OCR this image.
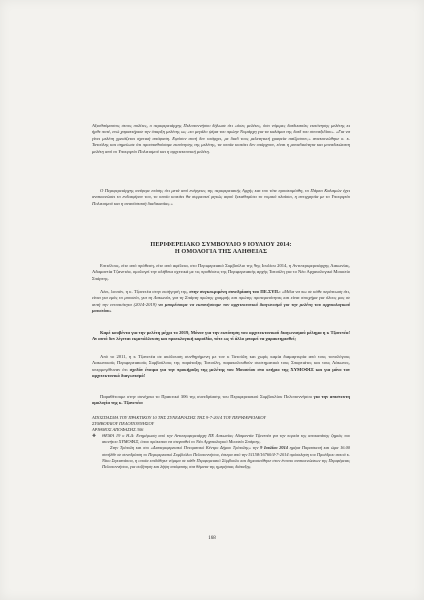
Αξιοθαύμαστος στους πολίτες, ο περιφερειάρχης Πελοποννήσου δήλωσε ότι «όσες μελέτες, όσο νόμιμες διαδικασίες εκπόνησης μελέτης κι ήρθε ποτέ, ενώ χαρακτήρισε την ύπαρξη μελέτης ως «το μεγάλο ψέμα του πρώην Νομάρχη για τα καλάμια της διαδ του συνταξιδίου». «Για να γίνει μελέτη χρειάζεται σχετική απόφαση. Εφόσον αυτή δεν υπάρχει, με διαδ τους μελετητική γραφεία παίζρσουν,» ανακοινώθηκε κ. κ. Τατούλης και σημείωσε ότι προσπαθούσαμε εκπόνησης της μελέτης, τα οποία κοιτάει δεν υπάρχουν, είναι η μοναδικότητα και μοναδικώτατη μελέτη από το Υπουργείο Πολιτισμού και η αρχιτεκτονική μελέτη.

Ο Περιφερειάρχης ανέφερε επίσης ότι μετά από ενέργειες της περιφερειακής Αρχής και του τότε προσκομίσθη, το Πάρκο Καλαμών έχει ανακοινώσει το ενδιαφέρον του, το οποίο κοιτάει θα συρρευτεί ρητώς αφού ξεκαθαρίσει το νομικό πλαίσιο, η αντιχρησία με το Υπουργείο Πολιτισμού και η ανασύστασή διαδικασίας.»

ΠΕΡΙΦΕΡΕΙΑΚΟ ΣΥΜΒΟΥΛΙΟ 9 ΙΟΥΛΙΟΥ 2014:
Η ΟΜΟΛΟΓΙΑ ΤΗΣ ΑΛΗΘΕΙΑΣ

Επιτέλους, είτε από πρόθεση, είτε από αφέλεια, στο Περιφερειακό Συμβούλιο της 9ης Ιουλίου 2014, η Αντιπεριφερειάρχης Λακωνίας, Αδαμαντία Τζανετέα, ομολογεί την αλήθεια σχετικά με τις προθέσεις της Περιφερειακής αρχής Τατούλη για το Νέο Αρχαιολογικό Μουσείο Σπάρτης.

Λέει, λοιπόν, η κ. Τζανετέα στην εισήγησή της, στην συγκεκριμένη συνεδρίαση του ΠΕ.ΣΥΠ.: «Μέλα να πω σε κάθε περίπτωση ότι, είναι για εμάς το μουσείο, για τη Λακωνία, για τη Σπάρτη πρώτης γραμμής και πρώτης προτεραιότητας και είναι στοιχήμα για όλους μας σε αυτή την εντοπιότητα (2014-2019) να μπορέσουμε να εκπονήσουμε τον αρχιτεκτονικό διαγωνισμό για την μελέτη του αρχαιολογικού μουσείου»

Καρέ κουβέντα για την μελέτη μέχρι το 2019, Μόνον για την εκπόνηση του αρχιτεκτονικού διαγωνισμού μέλημα η κ Τζανετέα! Αν αυτό δεν λέγεται εκμετάλλευση και προεκλογική κοροϊδία, τότε ως τί άλλο μπορεί να χαρακτηρισθεί;

Από το 2011, η κ Τζανετέα σε ακόλουση συνθηρήμενη με τον κ Τατούλη και χωρίς καμία διαμαρτυρία από τους τοπολόγους Λακωνικούς Περιφερειακούς Συμβούλους της παράταξης Τατούλη, παρακολουθούν συστηματικά τους Σπαρτιάτες και τους Λάκωνες, υπερμεγέθυναν ότι σχεδόν έτοιμα για την προκήρυξη της μελέτης του Μουσείου στο κτήριο της ΧΥΜΟΦΙΞ και για μόνο τον αρχιτεκτονικό διαγωνισμό!

Παραθέτουμε στην συνέχεια το Πρακτικό 306 της συνεδρίασης του Περιφερειακού Συμβουλίου Πελοποννήσου για την απιστευτη ομολογία της κ. Τζανετέα:

ΑΠΟΣΠΑΣΜΑ ΤΟΥ ΠΡΑΚΤΙΚΟΥ 10 ΤΗΣ ΣΥΝΕΔΡΙΑΣΗΣ ΤΗΣ 9-7-2014 ΤΟΥ ΠΕΡΙΦΕΡΕΙΑΚΟΥ
ΣΥΜΒΟΥΛΙΟΥ ΠΕΛΟΠΟΝΝΗΣΟΥ
ΑΡΙΘΜΟΣ ΑΠΟΦΑΣΗΣ 306
❖	ΘΕΜΑ 19 ο Η.Δ: Ενημέρωση από την Αντιπεριφερειάρχη ΠΕ Λακωνίας Αδαμαντία Τζανετέα για την πορεία της αποκατάσης ζημιάς του ακινήτου ΧΥΜΟΦΙΞ, όπου πρόκειται να στεγασθεί το Νέο Αρχαιολογικό Μουσείο Σπάρτης.
Στην Τρίπολη και στο «Διαπεριφερειακό Πνευματικό Κέντρο Δήμου Τρίπολης» την 9 Ιουλίου 2014 ημέρα Παρασκευή και ώρα 16.00 συνήλθε σε συνεδρίαση το Περιφερειακό Συμβούλιο Πελοποννήσου, έστερα από την 51158/16760/4-7-2014 πρόσκληση του Προέδρου αυτού κ. Νίκο Σηκιανάκου, η οποία επιδόθηκε νόμιμα σε κάθε Περιφερειακό Σύμβουλο και δημοσιεύθηκε στον έντυπο ανακοινώσεων της Περιφέρειας Πελοποννήσου, για συζήτηση και λήψη απόφασης στα θέματα της ημερήσιας διάταξης.

168
